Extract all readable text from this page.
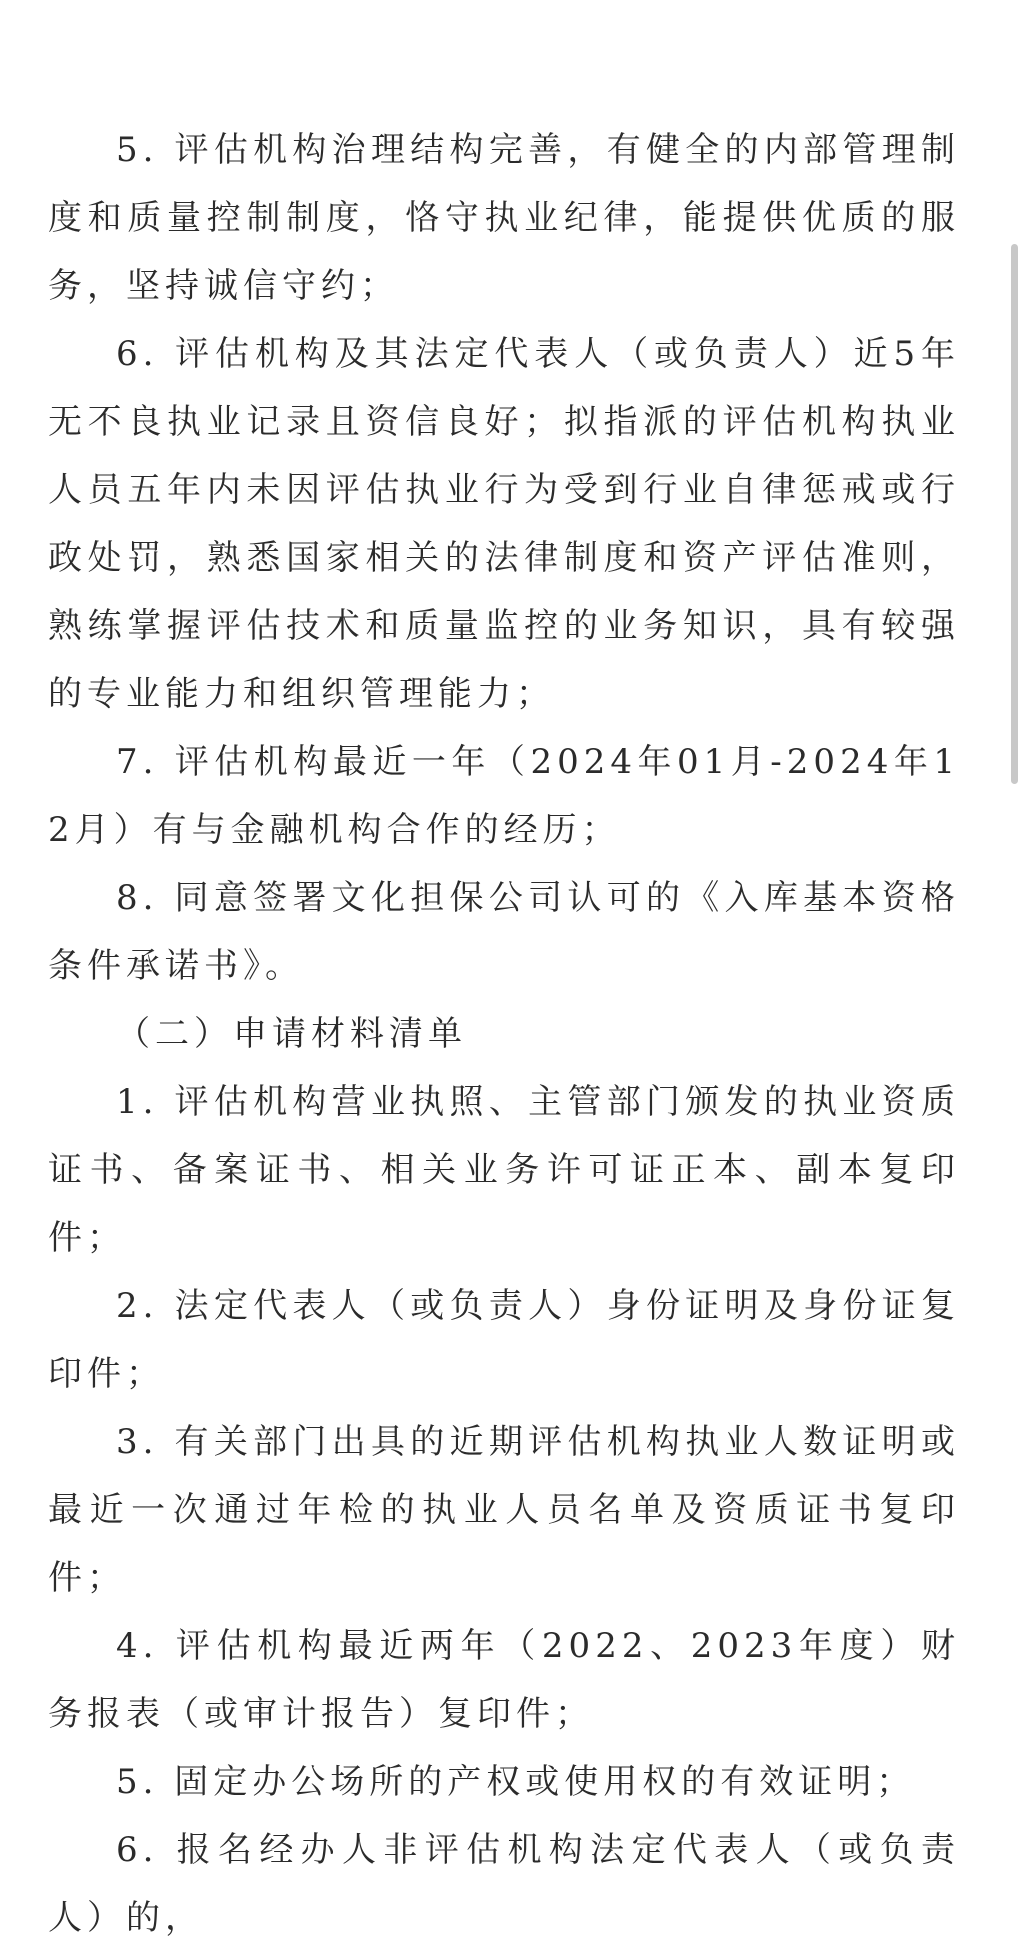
5. 评估机构治理结构完善，有健全的内部管理制度和质量控制制度，恪守执业纪律，能提供优质的服务，坚持诚信守约；

6. 评估机构及其法定代表人（或负责人）近5年无不良执业记录且资信良好；拟指派的评估机构执业人员五年内未因评估执业行为受到行业自律惩戒或行政处罚，熟悉国家相关的法律制度和资产评估准则，熟练掌握评估技术和质量监控的业务知识，具有较强的专业能力和组织管理能力；

7. 评估机构最近一年（2024年01月-2024年12月）有与金融机构合作的经历；

8. 同意签署文化担保公司认可的《入库基本资格条件承诺书》。

（二）申请材料清单

1. 评估机构营业执照、主管部门颁发的执业资质证书、备案证书、相关业务许可证正本、副本复印件；

2. 法定代表人（或负责人）身份证明及身份证复印件；

3. 有关部门出具的近期评估机构执业人数证明或最近一次通过年检的执业人员名单及资质证书复印件；

4. 评估机构最近两年（2022、2023年度）财务报表（或审计报告）复印件；

5. 固定办公场所的产权或使用权的有效证明；

6. 报名经办人非评估机构法定代表人（或负责人）的，
